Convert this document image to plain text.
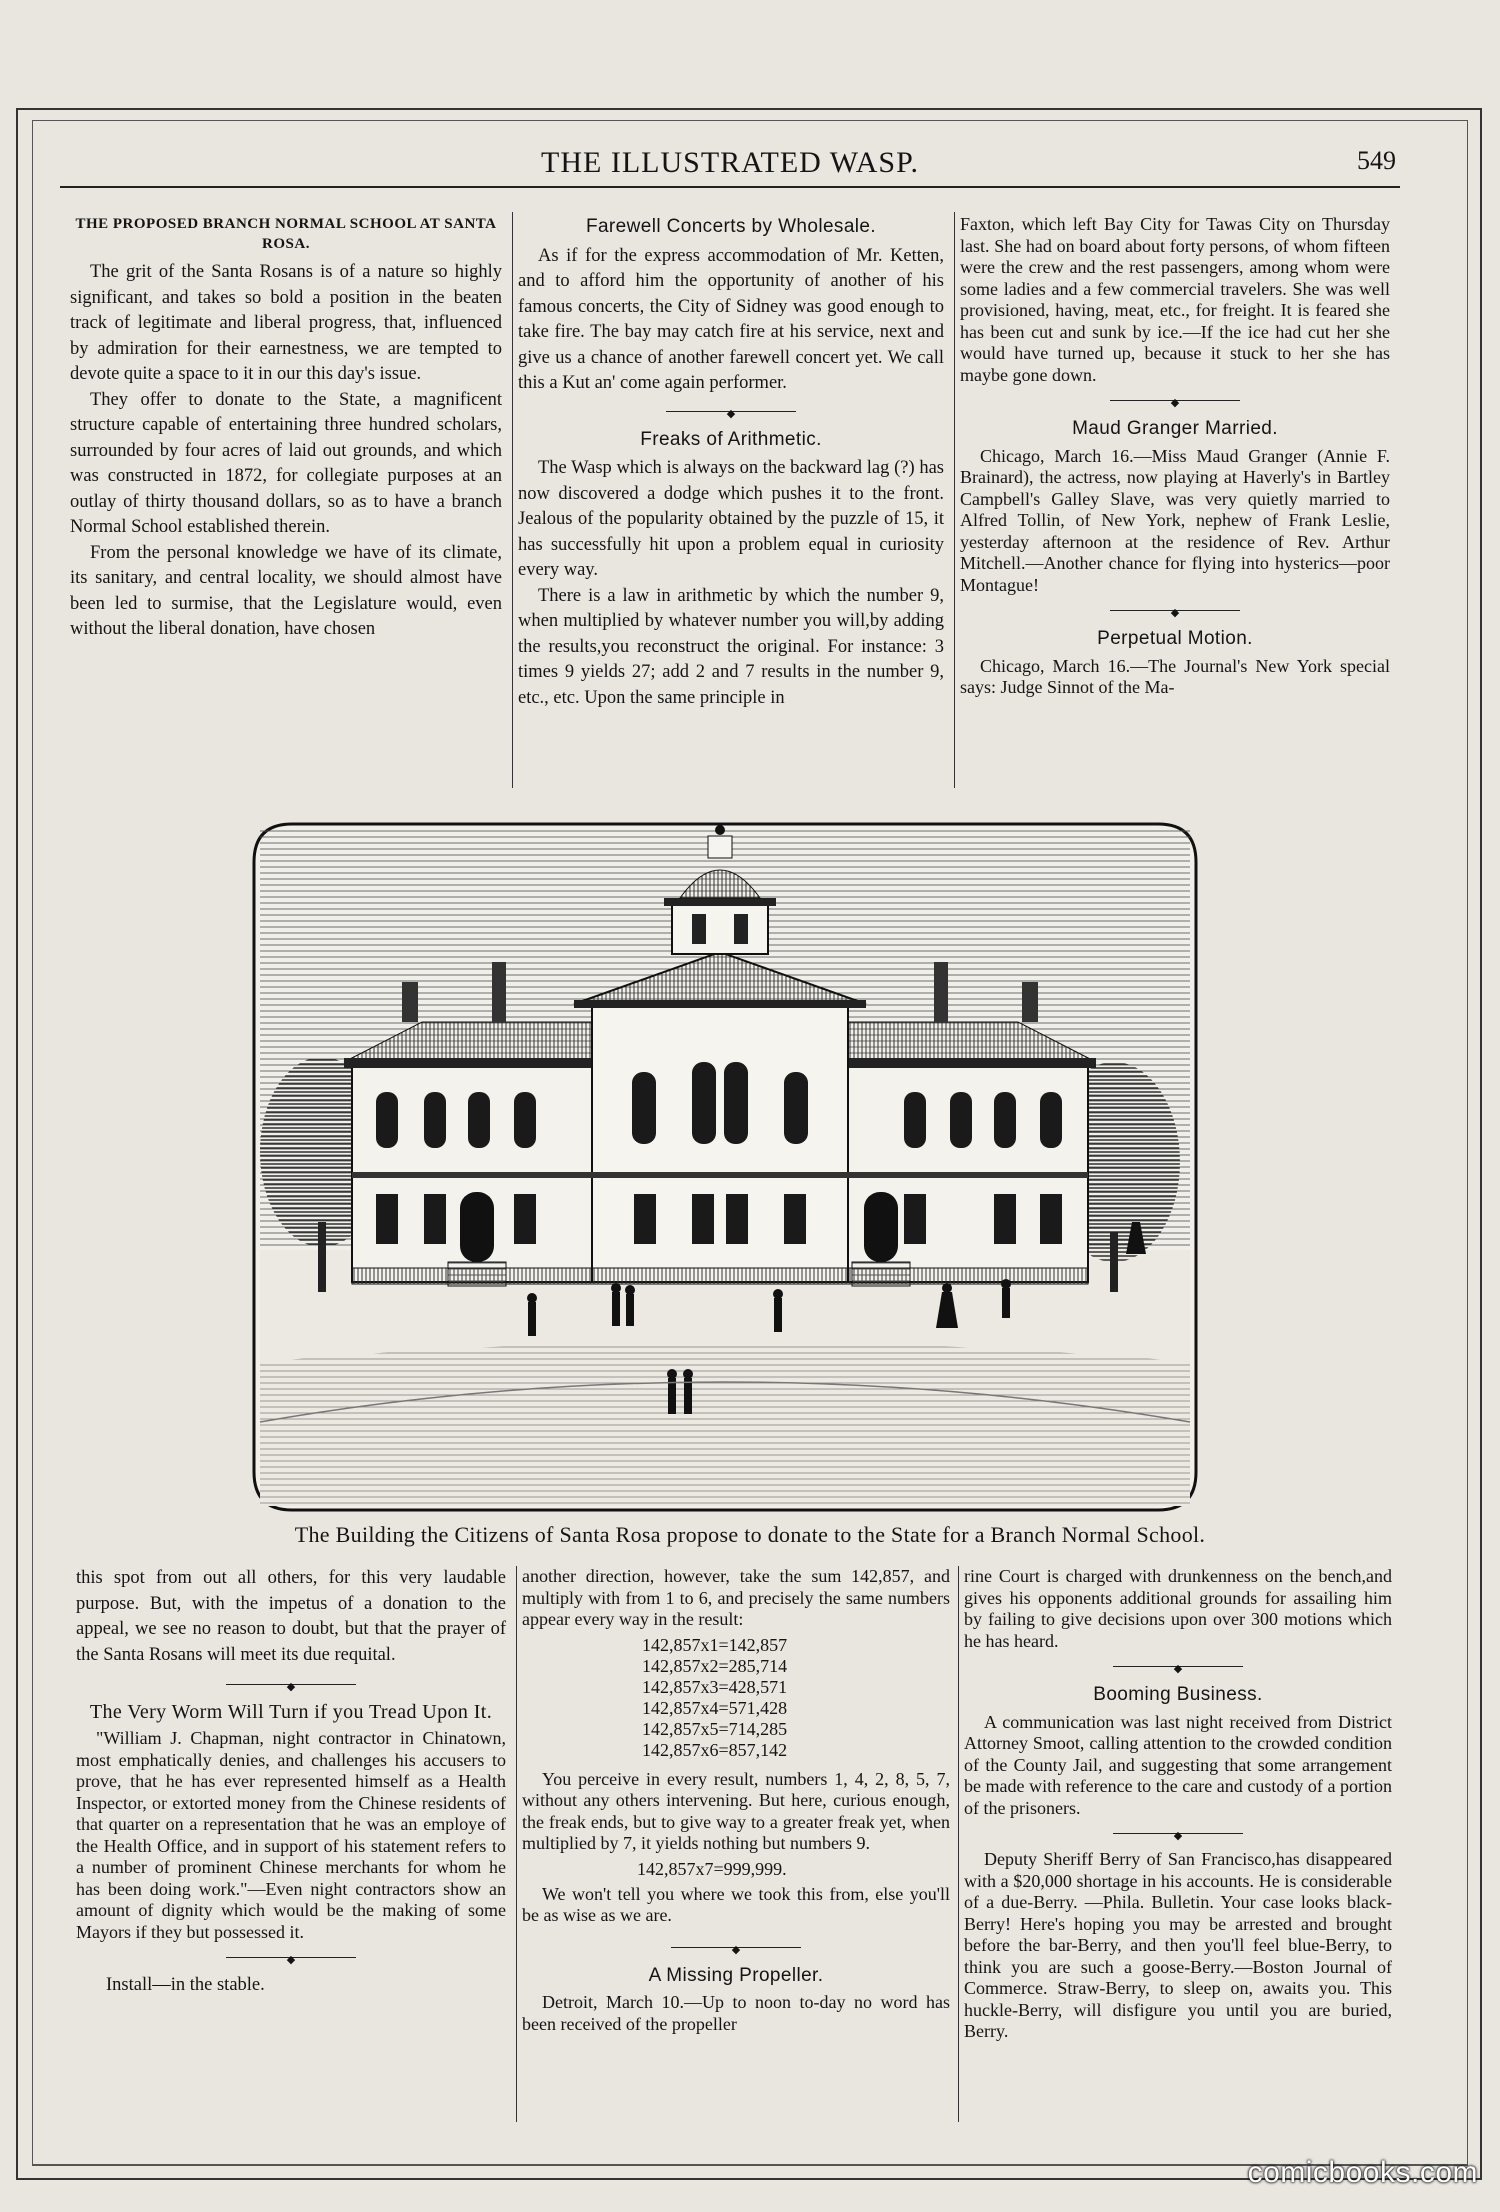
THE ILLUSTRATED WASP.	549
THE PROPOSED BRANCH NORMAL SCHOOL AT SANTA ROSA.

The grit of the Santa Rosans is of a nature so highly significant, and takes so bold a position in the beaten track of legitimate and liberal progress, that, influenced by admiration for their earnestness, we are tempted to devote quite a space to it in our this day's issue.

They offer to donate to the State, a magnificent structure capable of entertaining three hundred scholars, surrounded by four acres of laid out grounds, and which was constructed in 1872, for collegiate purposes at an outlay of thirty thousand dollars, so as to have a branch Normal School established therein.

From the personal knowledge we have of its climate, its sanitary, and central locality, we should almost have been led to surmise, that the Legislature would, even without the liberal donation, have chosen

Farewell Concerts by Wholesale.

As if for the express accommodation of Mr. Ketten, and to afford him the opportunity of another of his famous concerts, the City of Sidney was good enough to take fire. The bay may catch fire at his service, next and give us a chance of another farewell concert yet. We call this a Kut an' come again performer.

◆
Freaks of Arithmetic.

The Wasp which is always on the backward lag (?) has now discovered a dodge which pushes it to the front. Jealous of the popularity obtained by the puzzle of 15, it has successfully hit upon a problem equal in curiosity every way.

There is a law in arithmetic by which the number 9, when multiplied by whatever number you will,by adding the results,you reconstruct the original. For instance: 3 times 9 yields 27; add 2 and 7 results in the number 9, etc., etc. Upon the same principle in

Faxton, which left Bay City for Tawas City on Thursday last. She had on board about forty persons, of whom fifteen were the crew and the rest passengers, among whom were some ladies and a few commercial travelers. She was well provisioned, having, meat, etc., for freight. It is feared she has been cut and sunk by ice.—If the ice had cut her she would have turned up, because it stuck to her she has maybe gone down.

◆
Maud Granger Married.

Chicago, March 16.—Miss Maud Granger (Annie F. Brainard), the actress, now playing at Haverly's in Bartley Campbell's Galley Slave, was very quietly married to Alfred Tollin, of New York, nephew of Frank Leslie, yesterday afternoon at the residence of Rev. Arthur Mitchell.—Another chance for flying into hysterics—poor Montague!

◆
Perpetual Motion.

Chicago, March 16.—The Journal's New York special says: Judge Sinnot of the Ma-

The Building the Citizens of Santa Rosa propose to donate to the State for a Branch Normal School.

this spot from out all others, for this very laudable purpose. But, with the impetus of a donation to the appeal, we see no reason to doubt, but that the prayer of the Santa Rosans will meet its due requital.

◆
The Very Worm Will Turn if you Tread Upon It.

"William J. Chapman, night contractor in Chinatown, most emphatically denies, and challenges his accusers to prove, that he has ever represented himself as a Health Inspector, or extorted money from the Chinese residents of that quarter on a representation that he was an employe of the Health Office, and in support of his statement refers to a number of prominent Chinese merchants for whom he has been doing work."—Even night contractors show an amount of dignity which would be the making of some Mayors if they but possessed it.

◆

Install—in the stable.

another direction, however, take the sum 142,857, and multiply with from 1 to 6, and precisely the same numbers appear every way in the result:

142,857x1=142,857
142,857x2=285,714
142,857x3=428,571
142,857x4=571,428
142,857x5=714,285
142,857x6=857,142

You perceive in every result, numbers 1, 4, 2, 8, 5, 7, without any others intervening. But here, curious enough, the freak ends, but to give way to a greater freak yet, when multiplied by 7, it yields nothing but numbers 9.

142,857x7=999,999.

We won't tell you where we took this from, else you'll be as wise as we are.

◆
A Missing Propeller.

Detroit, March 10.—Up to noon to-day no word has been received of the propeller

rine Court is charged with drunkenness on the bench,and gives his opponents additional grounds for assailing him by failing to give decisions upon over 300 motions which he has heard.

◆
Booming Business.

A communication was last night received from District Attorney Smoot, calling attention to the crowded condition of the County Jail, and suggesting that some arrangement be made with reference to the care and custody of a portion of the prisoners.

◆

Deputy Sheriff Berry of San Francisco,has disappeared with a $20,000 shortage in his accounts. He is considerable of a due-Berry. —Phila. Bulletin. Your case looks black-Berry! Here's hoping you may be arrested and brought before the bar-Berry, and then you'll feel blue-Berry, to think you are such a goose-Berry.—Boston Journal of Commerce. Straw-Berry, to sleep on, awaits you. This huckle-Berry, will disfigure you until you are buried, Berry.

comicbooks.com
